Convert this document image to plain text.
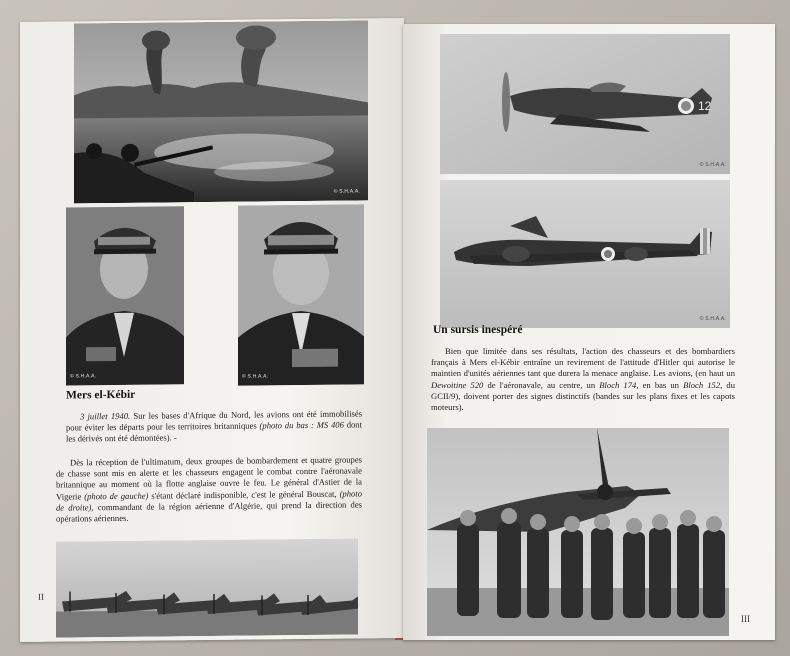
© S.H.A.A.
© S.H.A.A.	© S.H.A.A.
Mers el-Kébir

3 juillet 1940. Sur les bases d'Afrique du Nord, les avions ont été immobilisés pour éviter les départs pour les territoires britanniques (photo du bas : MS 406 dont les dérivés ont été démontées). -

Dès la réception de l'ultimatum, deux groupes de bombardement et quatre groupes de chasse sont mis en alerte et les chasseurs engagent le combat contre l'aéronavale britannique au moment où la flotte anglaise ouvre le feu. Le général d'Astier de la Vigerie (photo de gauche) s'étant déclaré indisponible, c'est le général Bouscat, (photo de droite), commandant de la région aérienne d'Algérie, qui prend la direction des opérations aériennes.

II
12
© S.H.A.A.
© S.H.A.A.
Un sursis inespéré

Bien que limitée dans ses résultats, l'action des chasseurs et des bombardiers français à Mers el-Kébir entraîne un revirement de l'attitude d'Hitler qui autorise le maintien d'unités aériennes tant que durera la menace anglaise. Les avions, (en haut un Dewoitine 520 de l'aéronavale, au centre, un Bloch 174, en bas un Bloch 152, du GCII/9), doivent porter des signes distinctifs (bandes sur les plans fixes et les capots moteurs).

III
